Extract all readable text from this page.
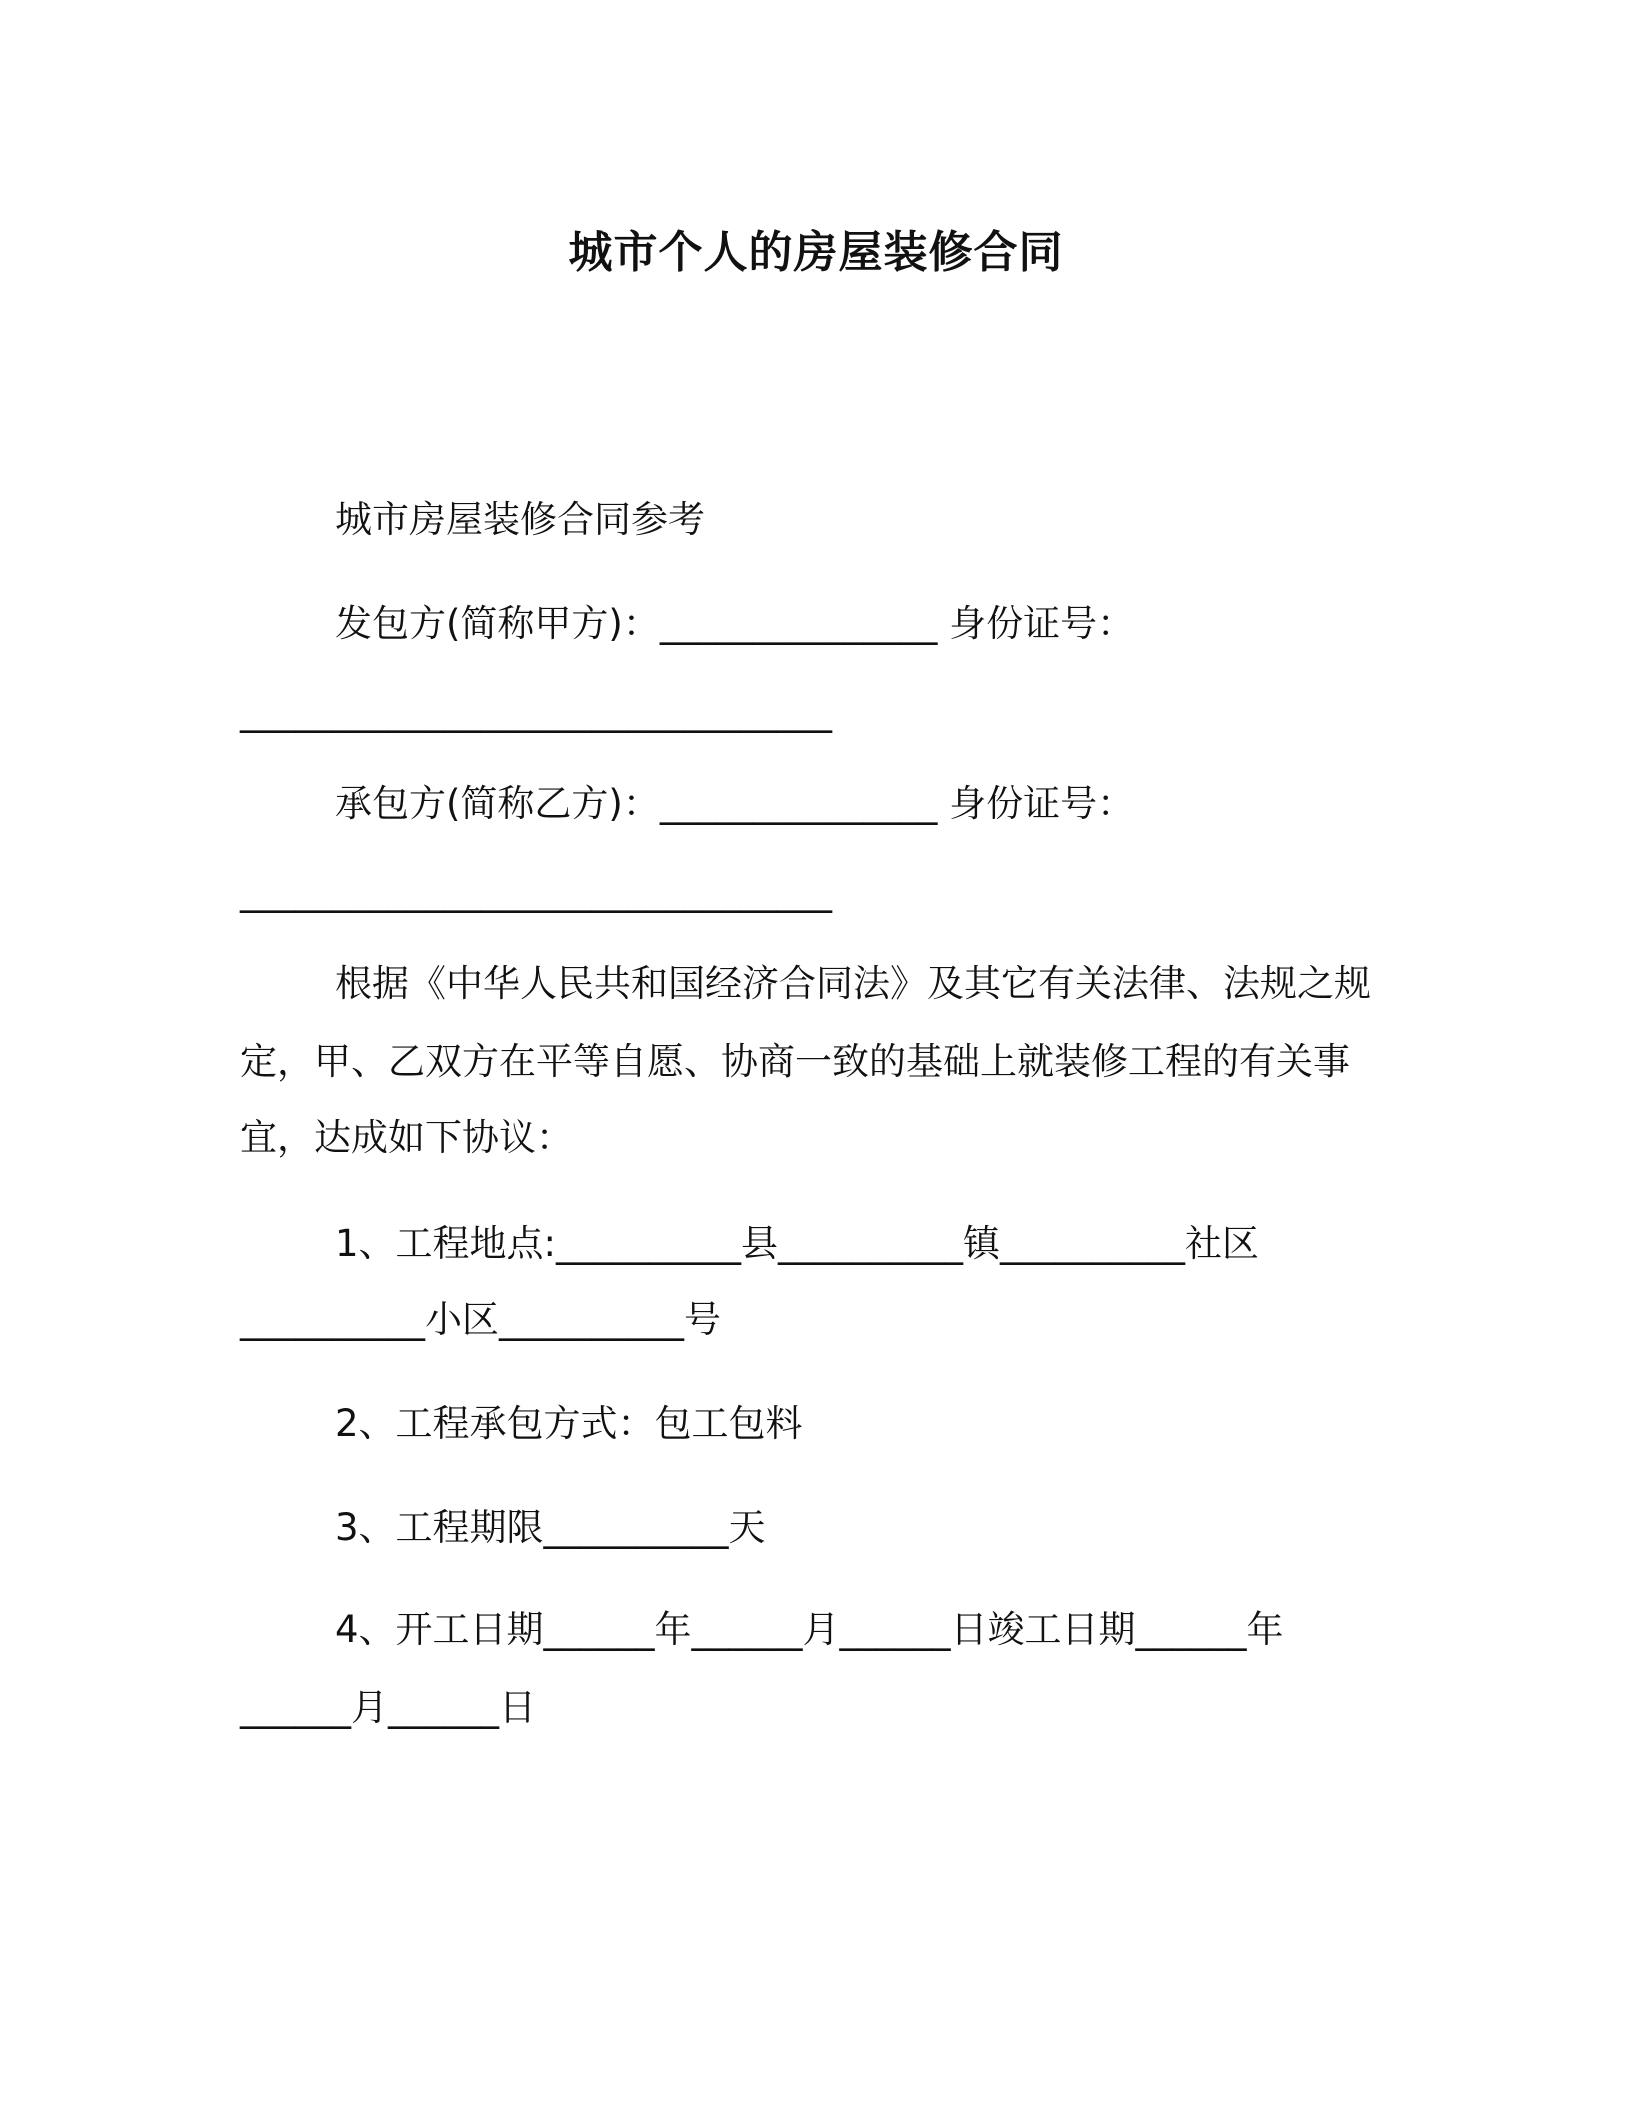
城市个人的房屋装修合同
城市房屋装修合同参考
发包方(简称甲方)：_______________ 身份证号：
________________________________
承包方(简称乙方)：_______________ 身份证号：
________________________________
根据《中华人民共和国经济合同法》及其它有关法律、法规之规
定，甲、乙双方在平等自愿、协商一致的基础上就装修工程的有关事
宜，达成如下协议：
1、工程地点:__________县__________镇__________社区
__________小区__________号
2、工程承包方式：包工包料
3、工程期限__________天
4、开工日期______年______月______日竣工日期______年
______月______日
